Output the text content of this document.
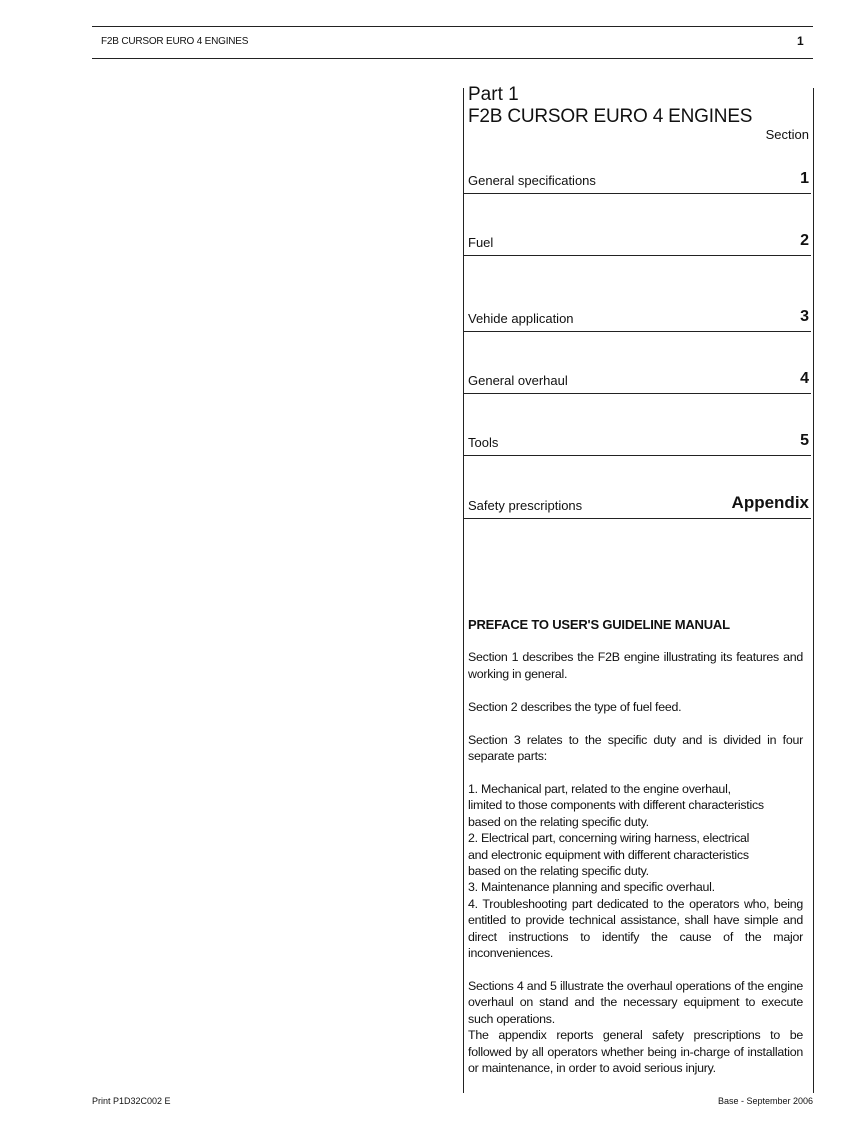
F2B CURSOR EURO 4 ENGINES	1
Part 1
F2B CURSOR EURO 4 ENGINES
Section
General specifications	1
Fuel	2
Vehide application	3
General overhaul	4
Tools	5
Safety prescriptions	Appendix
PREFACE TO USER'S GUIDELINE MANUAL

Section 1 describes the F2B engine illustrating its features and working in general.

Section 2 describes the type of fuel feed.

Section 3 relates to the specific duty and is divided in four separate parts:

1. Mechanical part, related to the engine overhaul,
limited to those components with different characteristics
based on the relating specific duty.
2. Electrical part, concerning wiring harness, electrical
and electronic equipment with different characteristics
based on the relating specific duty.
3. Maintenance planning and specific overhaul.

4. Troubleshooting part dedicated to the operators who, being entitled to provide technical assistance, shall have simple and direct instructions to identify the cause of the major inconveniences.

Sections 4 and 5 illustrate the overhaul operations of the engine overhaul on stand and the necessary equipment to execute such operations.

The appendix reports general safety prescriptions to be followed by all operators whether being in-charge of installation or maintenance, in order to avoid serious injury.

Print P1D32C002 E	Base - September 2006
